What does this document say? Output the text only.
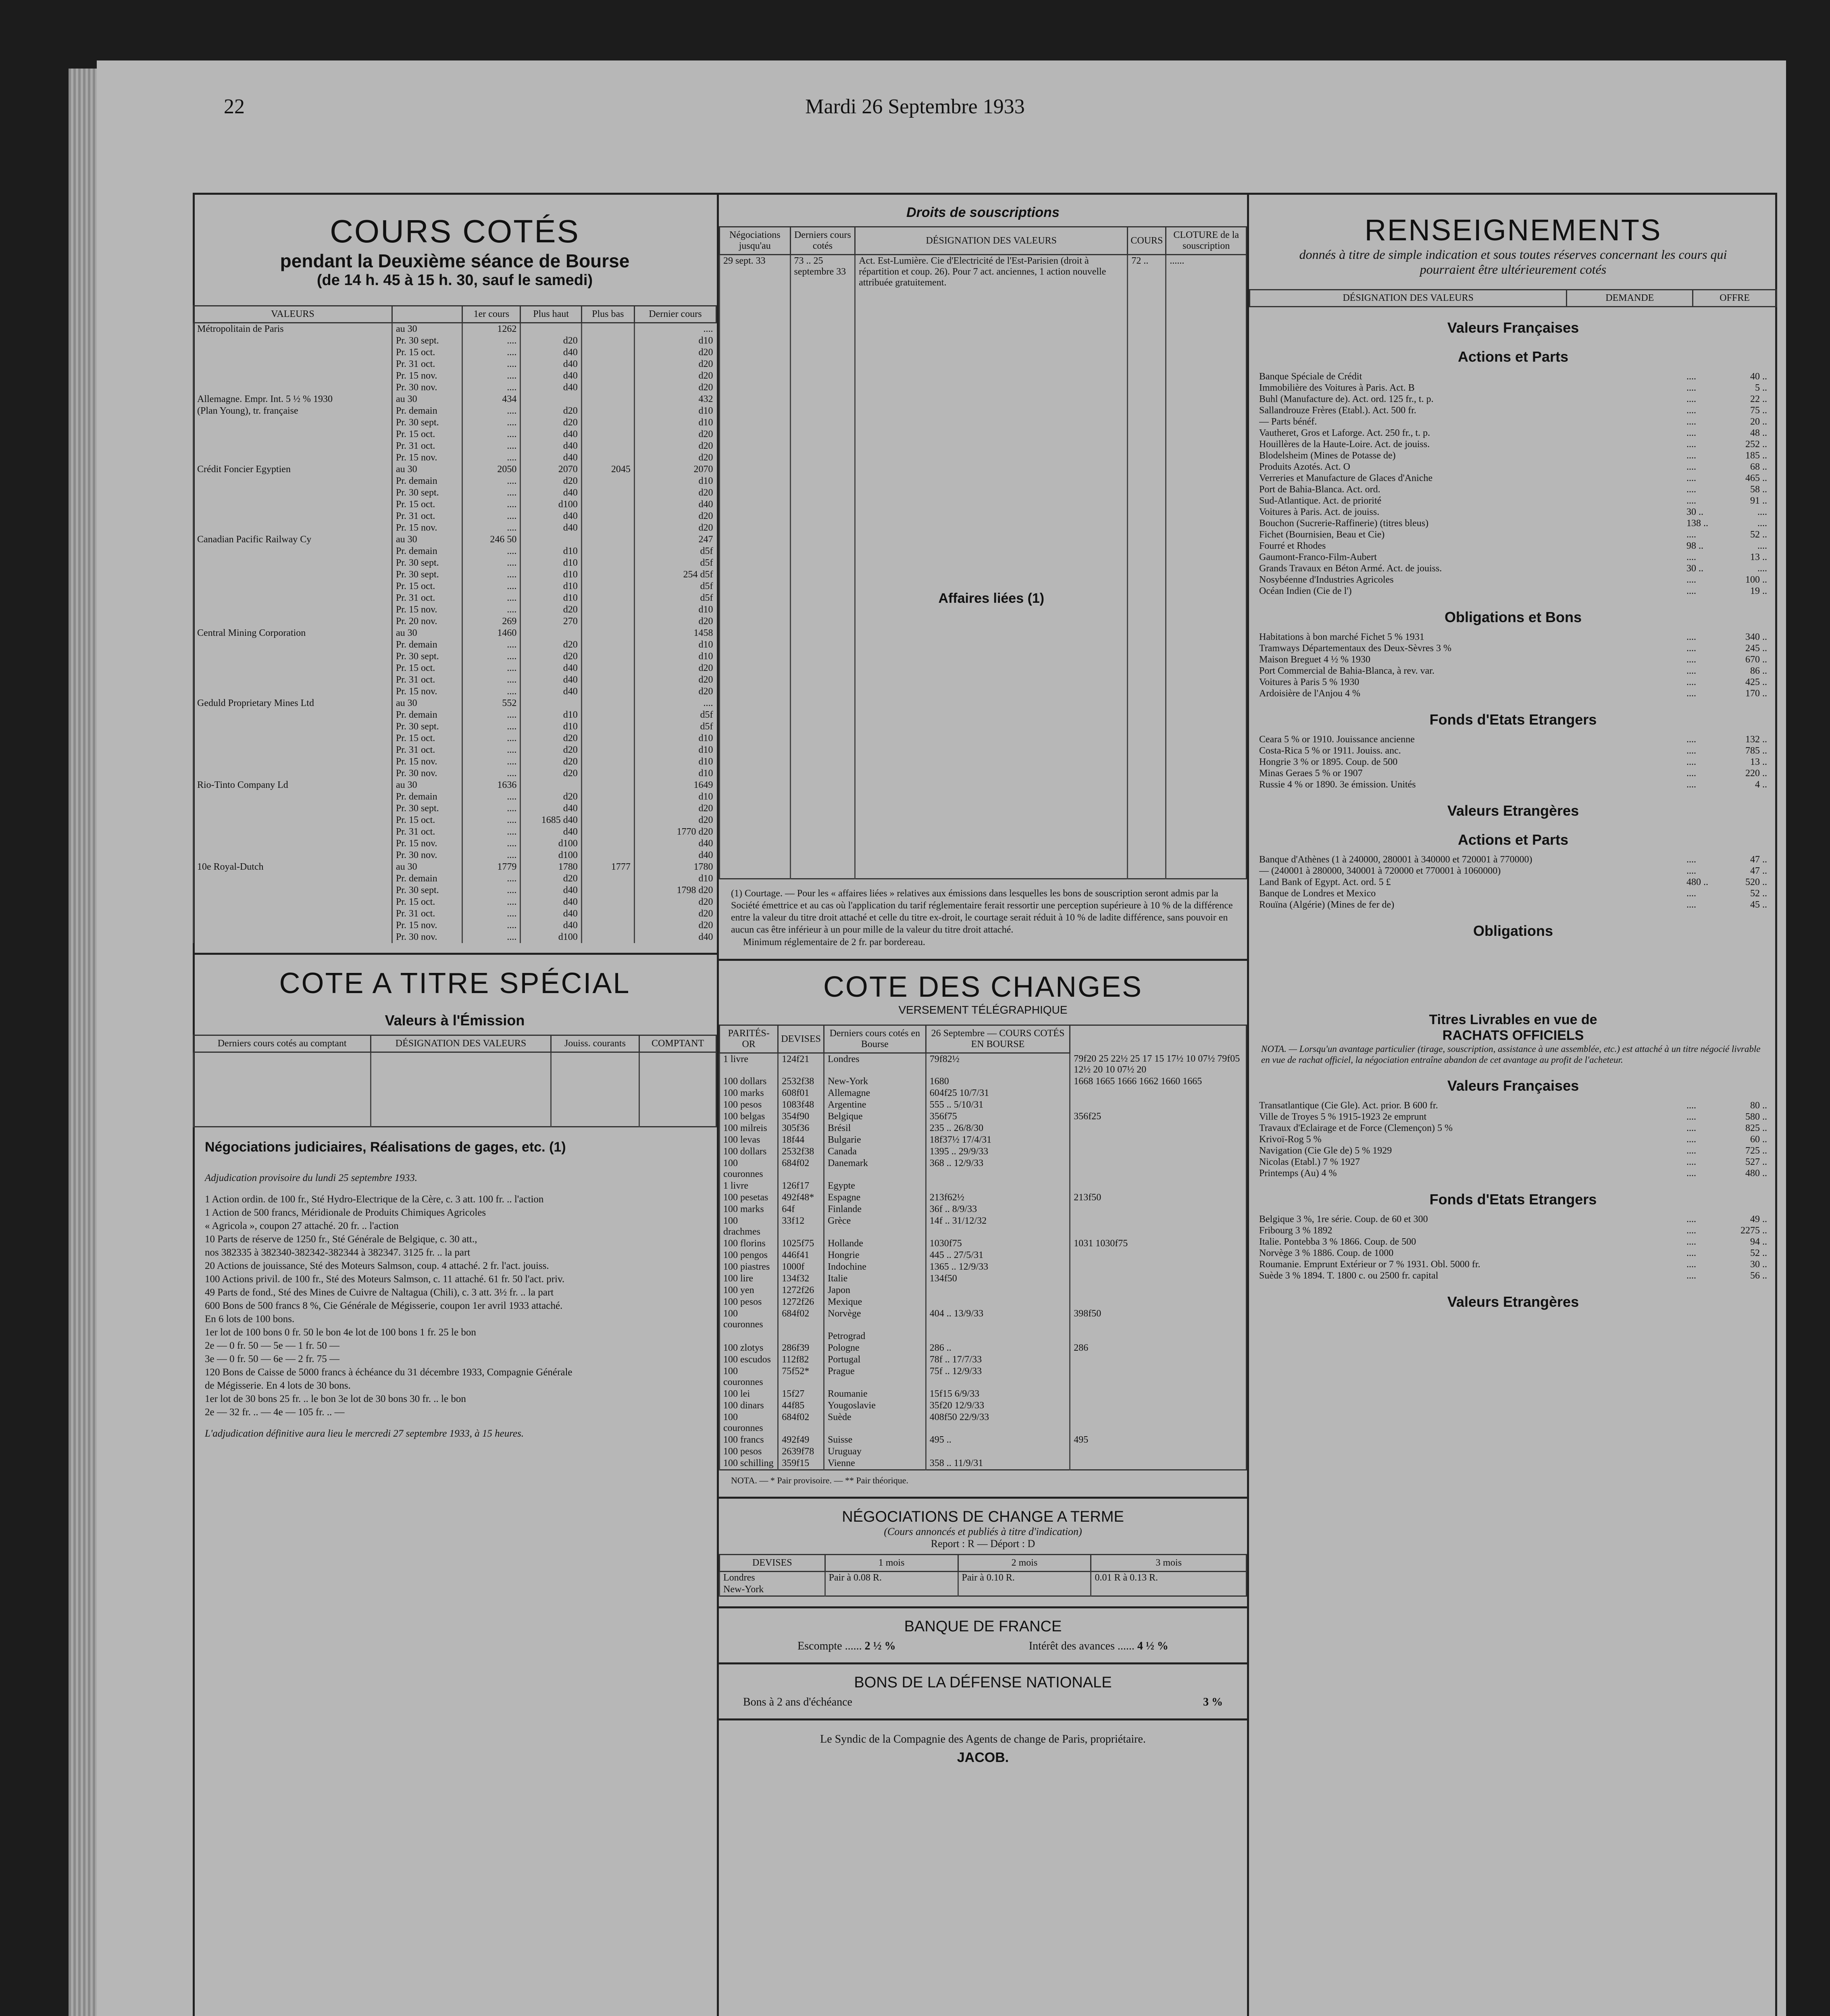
22	Mardi 26 Septembre 1933
COURS COTÉS
pendant la Deuxième séance de Bourse
(de 14 h. 45 à 15 h. 30, sauf le samedi)
VALEURS		1er cours	Plus haut	Plus bas	Dernier cours
Métropolitain de Paris	au 30	1262			....
	Pr. 30 sept.	....	d20		d10
	Pr. 15 oct.	....	d40		d20
	Pr. 31 oct.	....	d40		d20
	Pr. 15 nov.	....	d40		d20
	Pr. 30 nov.	....	d40		d20
Allemagne. Empr. Int. 5 ½ % 1930	au 30	434			432
(Plan Young), tr. française	Pr. demain	....	d20		d10
	Pr. 30 sept.	....	d20		d10
	Pr. 15 oct.	....	d40		d20
	Pr. 31 oct.	....	d40		d20
	Pr. 15 nov.	....	d40		d20
Crédit Foncier Egyptien	au 30	2050	2070	2045	2070
	Pr. demain	....	d20		d10
	Pr. 30 sept.	....	d40		d20
	Pr. 15 oct.	....	d100		d40
	Pr. 31 oct.	....	d40		d20
	Pr. 15 nov.	....	d40		d20
Canadian Pacific Railway Cy	au 30	246 50			247
	Pr. demain	....	d10		d5f
	Pr. 30 sept.	....	d10		d5f
	Pr. 30 sept.	....	d10		254 d5f
	Pr. 15 oct.	....	d10		d5f
	Pr. 31 oct.	....	d10		d5f
	Pr. 15 nov.	....	d20		d10
	Pr. 20 nov.	269	270		d20
Central Mining Corporation	au 30	1460			1458
	Pr. demain	....	d20		d10
	Pr. 30 sept.	....	d20		d10
	Pr. 15 oct.	....	d40		d20
	Pr. 31 oct.	....	d40		d20
	Pr. 15 nov.	....	d40		d20
Geduld Proprietary Mines Ltd	au 30	552			....
	Pr. demain	....	d10		d5f
	Pr. 30 sept.	....	d10		d5f
	Pr. 15 oct.	....	d20		d10
	Pr. 31 oct.	....	d20		d10
	Pr. 15 nov.	....	d20		d10
	Pr. 30 nov.	....	d20		d10
Rio-Tinto Company Ld	au 30	1636			1649
	Pr. demain	....	d20		d10
	Pr. 30 sept.	....	d40		d20
	Pr. 15 oct.	....	1685 d40		d20
	Pr. 31 oct.	....	d40		1770 d20
	Pr. 15 nov.	....	d100		d40
	Pr. 30 nov.	....	d100		d40
10e Royal-Dutch	au 30	1779	1780	1777	1780
	Pr. demain	....	d20		d10
	Pr. 30 sept.	....	d40		1798 d20
	Pr. 15 oct.	....	d40		d20
	Pr. 31 oct.	....	d40		d20
	Pr. 15 nov.	....	d40		d20
	Pr. 30 nov.	....	d100		d40
COTE A TITRE SPÉCIAL
Valeurs à l'Émission
Derniers cours cotés au comptant	DÉSIGNATION DES VALEURS	Jouiss. courants	COMPTANT

Négociations judiciaires, Réalisations de gages, etc. (1)
Adjudication provisoire du lundi 25 septembre 1933.
1 Action ordin. de 100 fr., Sté Hydro-Electrique de la Cère, c. 3 att. 100 fr. .. l'action
1 Action de 500 francs, Méridionale de Produits Chimiques Agricoles
« Agricola », coupon 27 attaché. 20 fr. .. l'action
10 Parts de réserve de 1250 fr., Sté Générale de Belgique, c. 30 att.,
nos 382335 à 382340-382342-382344 à 382347. 3125 fr. .. la part
20 Actions de jouissance, Sté des Moteurs Salmson, coup. 4 attaché. 2 fr. l'act. jouiss.
100 Actions privil. de 100 fr., Sté des Moteurs Salmson, c. 11 attaché. 61 fr. 50 l'act. priv.
49 Parts de fond., Sté des Mines de Cuivre de Naltagua (Chili), c. 3 att. 3½ fr. .. la part
600 Bons de 500 francs 8 %, Cie Générale de Mégisserie, coupon 1er avril 1933 attaché.
En 6 lots de 100 bons.
1er lot de 100 bons 0 fr. 50 le bon 4e lot de 100 bons 1 fr. 25 le bon
2e — 0 fr. 50 — 5e — 1 fr. 50 —
3e — 0 fr. 50 — 6e — 2 fr. 75 —
120 Bons de Caisse de 5000 francs à échéance du 31 décembre 1933, Compagnie Générale
de Mégisserie. En 4 lots de 30 bons.
1er lot de 30 bons 25 fr. .. le bon 3e lot de 30 bons 30 fr. .. le bon
2e — 32 fr. .. — 4e — 105 fr. .. —
L'adjudication définitive aura lieu le mercredi 27 septembre 1933, à 15 heures.
Droits de souscriptions
Négociations jusqu'au	Derniers cours cotés	DÉSIGNATION DES VALEURS	COURS	CLOTURE de la souscription
29 sept. 33	73 .. 25 septembre 33	Act. Est-Lumière. Cie d'Electricité de l'Est-Parisien (droit à répartition et coup. 26). Pour 7 act. anciennes, 1 action nouvelle attribuée gratuitement.	72 ..	......
		Affaires liées (1)		
(1) Courtage. — Pour les « affaires liées » relatives aux émissions dans lesquelles les bons de souscription seront admis par la Société émettrice et au cas où l'application du tarif réglementaire ferait ressortir une perception supérieure à 10 % de la différence entre la valeur du titre droit attaché et celle du titre ex-droit, le courtage serait réduit à 10 % de ladite différence, sans pouvoir en aucun cas être inférieur à un pour mille de la valeur du titre droit attaché.
Minimum réglementaire de 2 fr. par bordereau.
COTE DES CHANGES
VERSEMENT TÉLÉGRAPHIQUE
PARITÉS-OR	DEVISES	Derniers cours cotés en Bourse	26 Septembre — COURS COTÉS EN BOURSE	
1 livre	124f21	Londres	79f82½	79f20 25 22½ 25 17 15 17½ 10 07½ 79f05 12½ 20 10 07½ 20
100 dollars	2532f38	New-York	1680	1668 1665 1666 1662 1660 1665
100 marks	608f01	Allemagne	604f25 10/7/31	
100 pesos	1083f48	Argentine	555 .. 5/10/31	
100 belgas	354f90	Belgique	356f75	356f25
100 milreis	305f36	Brésil	235 .. 26/8/30	
100 levas	18f44	Bulgarie	18f37½ 17/4/31	
100 dollars	2532f38	Canada	1395 .. 29/9/33	
100 couronnes	684f02	Danemark	368 .. 12/9/33	
1 livre	126f17	Egypte		
100 pesetas	492f48*	Espagne	213f62½	213f50
100 marks	64f	Finlande	36f .. 8/9/33	
100 drachmes	33f12	Grèce	14f .. 31/12/32	
100 florins	1025f75	Hollande	1030f75	1031 1030f75
100 pengos	446f41	Hongrie	445 .. 27/5/31	
100 piastres	1000f	Indochine	1365 .. 12/9/33	
100 lire	134f32	Italie	134f50	
100 yen	1272f26	Japon		
100 pesos	1272f26	Mexique		
100 couronnes	684f02	Norvège	404 .. 13/9/33	398f50
		Petrograd		
100 zlotys	286f39	Pologne	286 ..	286
100 escudos	112f82	Portugal	78f .. 17/7/33	
100 couronnes	75f52*	Prague	75f .. 12/9/33	
100 lei	15f27	Roumanie	15f15 6/9/33	
100 dinars	44f85	Yougoslavie	35f20 12/9/33	
100 couronnes	684f02	Suède	408f50 22/9/33	
100 francs	492f49	Suisse	495 ..	495
100 pesos	2639f78	Uruguay		
100 schilling	359f15	Vienne	358 .. 11/9/31	
NOTA. — * Pair provisoire. — ** Pair théorique.
NÉGOCIATIONS DE CHANGE A TERME
(Cours annoncés et publiés à titre d'indication)
Report : R — Déport : D
DEVISES	1 mois	2 mois	3 mois
Londres	Pair à 0.08 R.	Pair à 0.10 R.	0.01 R à 0.13 R.
New-York			
BANQUE DE FRANCE
Escompte ...... 2 ½ %	Intérêt des avances ...... 4 ½ %
BONS DE LA DÉFENSE NATIONALE
Bons à 2 ans d'échéance	3 %
Le Syndic de la Compagnie des Agents de change de Paris, propriétaire.
JACOB.
RENSEIGNEMENTS
donnés à titre de simple indication et sous toutes réserves concernant les cours qui pourraient être ultérieurement cotés
DÉSIGNATION DES VALEURS	DEMANDE	OFFRE
Valeurs Françaises
Actions et Parts
Banque Spéciale de Crédit	....	40 ..
Immobilière des Voitures à Paris. Act. B	....	5 ..
Buhl (Manufacture de). Act. ord. 125 fr., t. p.	....	22 ..
Sallandrouze Frères (Etabl.). Act. 500 fr.	....	75 ..
— Parts bénéf.	....	20 ..
Vautheret, Gros et Laforge. Act. 250 fr., t. p.	....	48 ..
Houillères de la Haute-Loire. Act. de jouiss.	....	252 ..
Blodelsheim (Mines de Potasse de)	....	185 ..
Produits Azotés. Act. O	....	68 ..
Verreries et Manufacture de Glaces d'Aniche	....	465 ..
Port de Bahia-Blanca. Act. ord.	....	58 ..
Sud-Atlantique. Act. de priorité	....	91 ..
Voitures à Paris. Act. de jouiss.	30 ..	....
Bouchon (Sucrerie-Raffinerie) (titres bleus)	138 ..	....
Fichet (Bournisien, Beau et Cie)	....	52 ..
Fourré et Rhodes	98 ..	....
Gaumont-Franco-Film-Aubert	....	13 ..
Grands Travaux en Béton Armé. Act. de jouiss.	30 ..	....
Nosybéenne d'Industries Agricoles	....	100 ..
Océan Indien (Cie de l')	....	19 ..
Obligations et Bons
Habitations à bon marché Fichet 5 % 1931	....	340 ..
Tramways Départementaux des Deux-Sèvres 3 %	....	245 ..
Maison Breguet 4 ½ % 1930	....	670 ..
Port Commercial de Bahia-Blanca, à rev. var.	....	86 ..
Voitures à Paris 5 % 1930	....	425 ..
Ardoisière de l'Anjou 4 %	....	170 ..
Fonds d'Etats Etrangers
Ceara 5 % or 1910. Jouissance ancienne	....	132 ..
Costa-Rica 5 % or 1911. Jouiss. anc.	....	785 ..
Hongrie 3 % or 1895. Coup. de 500	....	13 ..
Minas Geraes 5 % or 1907	....	220 ..
Russie 4 % or 1890. 3e émission. Unités	....	4 ..
Valeurs Etrangères
Actions et Parts
Banque d'Athènes (1 à 240000, 280001 à 340000 et 720001 à 770000)	....	47 ..
— (240001 à 280000, 340001 à 720000 et 770001 à 1060000)	....	47 ..
Land Bank of Egypt. Act. ord. 5 £	480 ..	520 ..
Banque de Londres et Mexico	....	52 ..
Rouïna (Algérie) (Mines de fer de)	....	45 ..
Obligations
Titres Livrables en vue de
RACHATS OFFICIELS
NOTA. — Lorsqu'un avantage particulier (tirage, souscription, assistance à une assemblée, etc.) est attaché à un titre négocié livrable en vue de rachat officiel, la négociation entraîne abandon de cet avantage au profit de l'acheteur.
Valeurs Françaises
Transatlantique (Cie Gle). Act. prior. B 600 fr.	....	80 ..
Ville de Troyes 5 % 1915-1923 2e emprunt	....	580 ..
Travaux d'Eclairage et de Force (Clemençon) 5 %	....	825 ..
Krivoï-Rog 5 %	....	60 ..
Navigation (Cie Gle de) 5 % 1929	....	725 ..
Nicolas (Etabl.) 7 % 1927	....	527 ..
Printemps (Au) 4 %	....	480 ..
Fonds d'Etats Etrangers
Belgique 3 %, 1re série. Coup. de 60 et 300	....	49 ..
Fribourg 3 % 1892	....	2275 ..
Italie. Pontebba 3 % 1866. Coup. de 500	....	94 ..
Norvège 3 % 1886. Coup. de 1000	....	52 ..
Roumanie. Emprunt Extérieur or 7 % 1931. Obl. 5000 fr.	....	30 ..
Suède 3 % 1894. T. 1800 c. ou 2500 fr. capital	....	56 ..
Valeurs Etrangères
